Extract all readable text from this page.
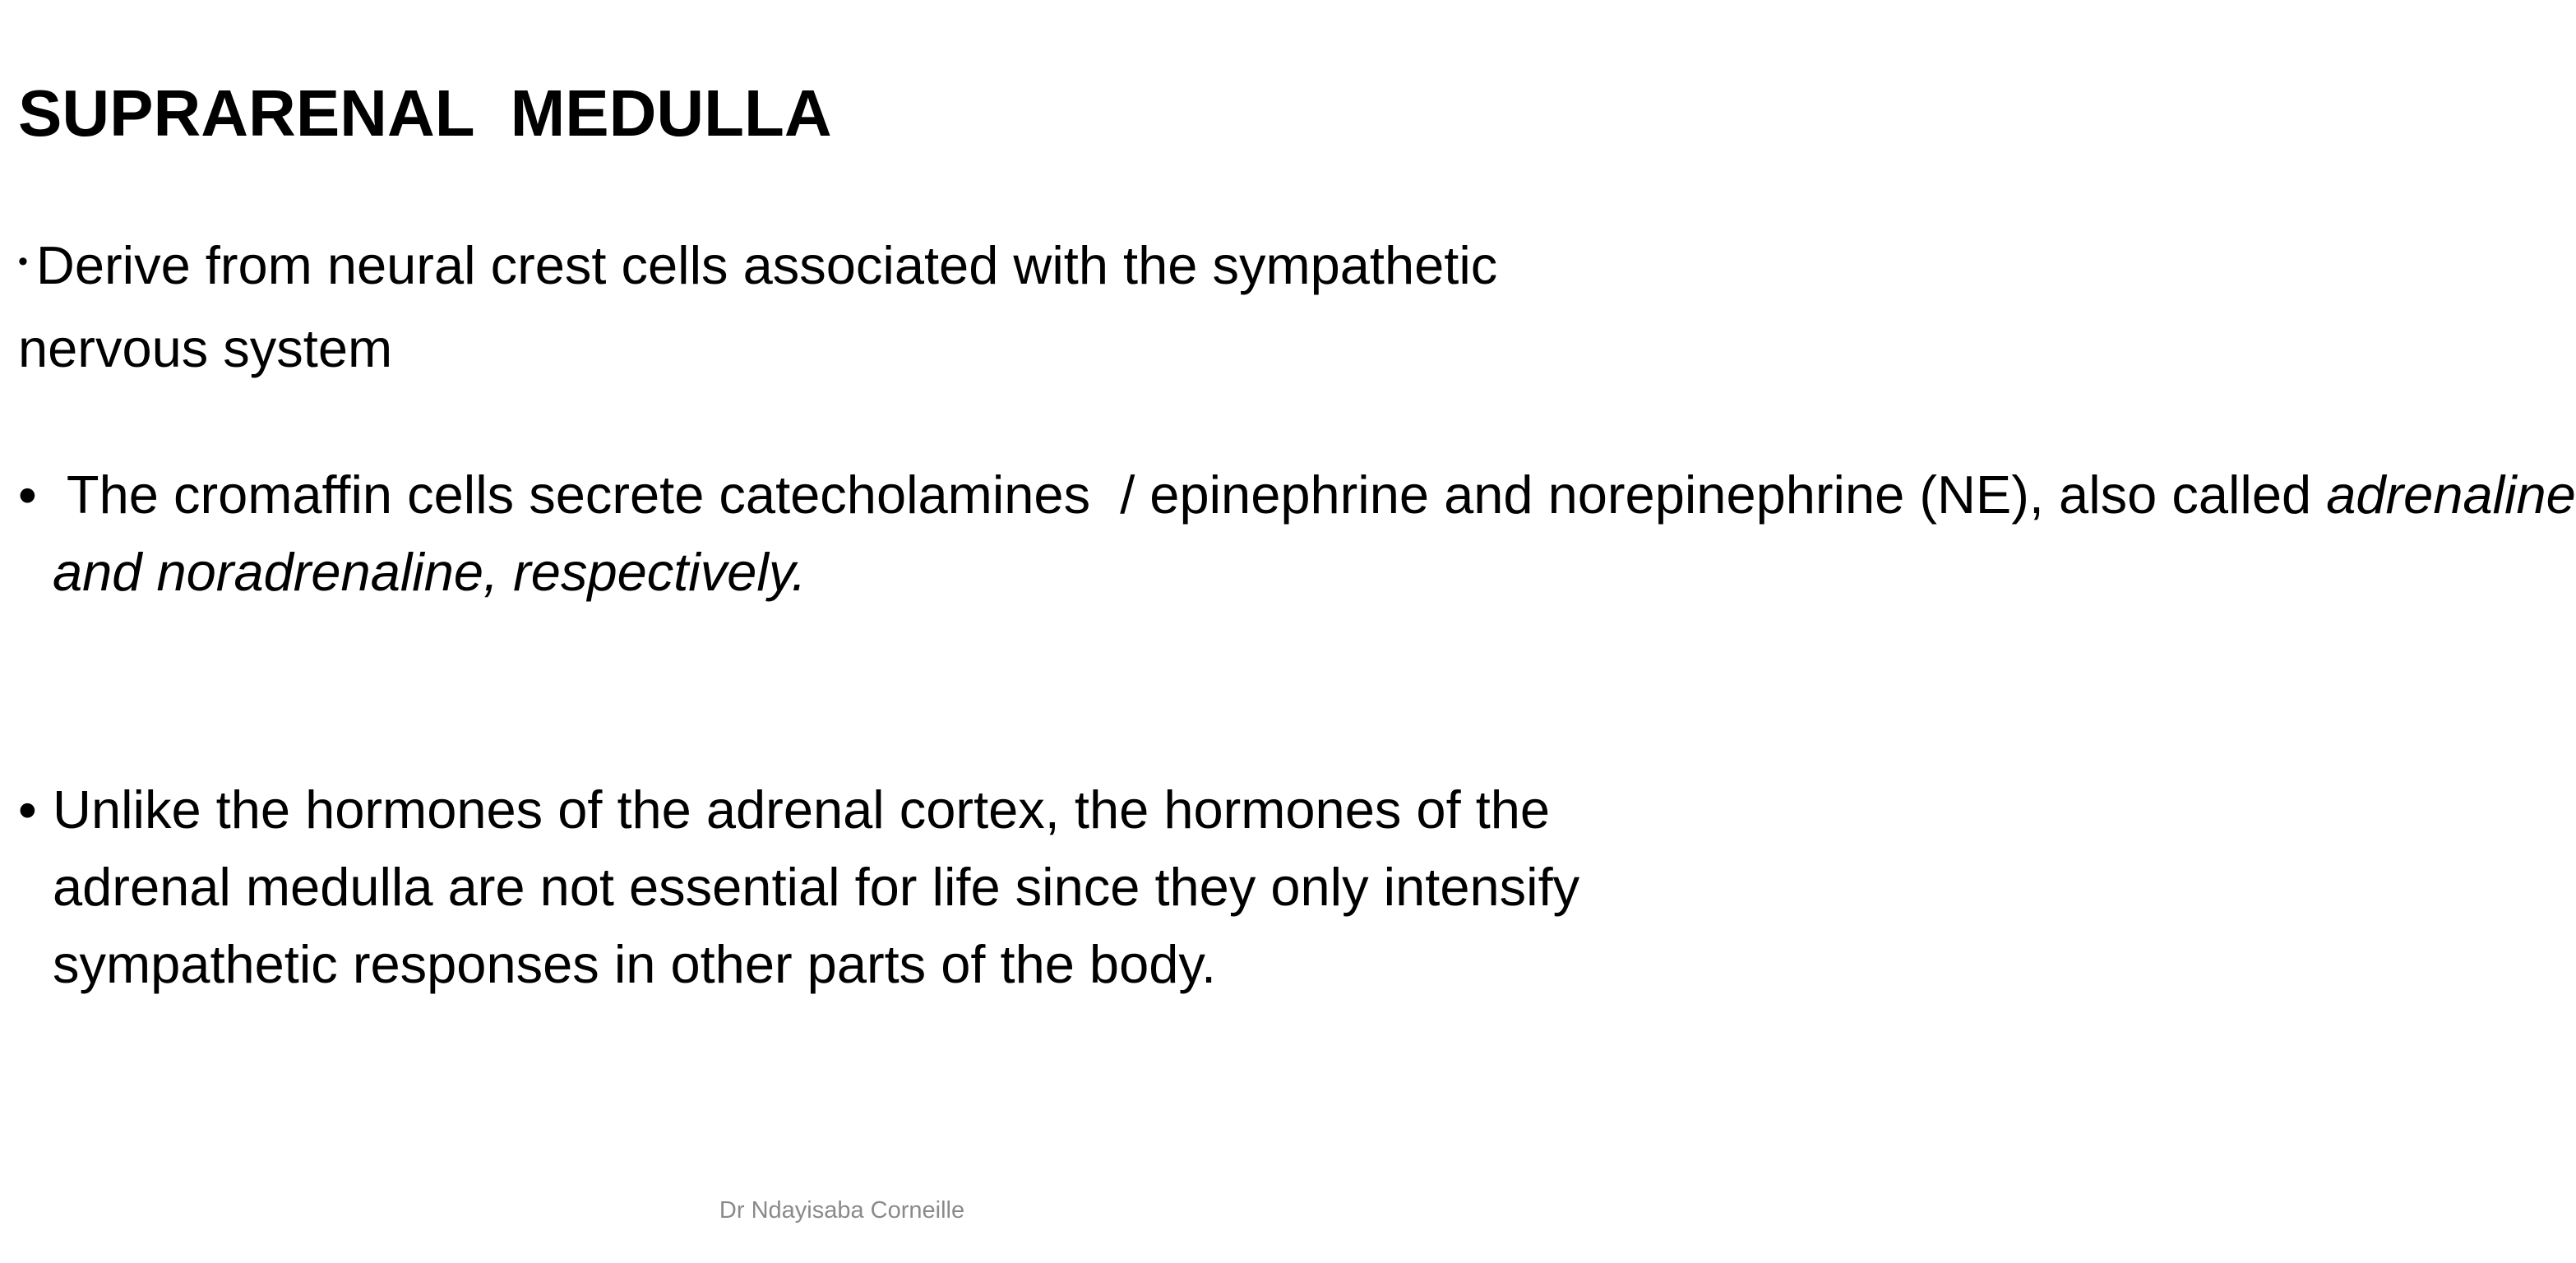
SUPRARENAL  MEDULLA
• Derive from neural crest cells associated with the sympathetic nervous system
• The cromaffin cells secrete catecholamines  / epinephrine and norepinephrine (NE), also called adrenaline and noradrenaline, respectively.
• Unlike the hormones of the adrenal cortex, the hormones of the adrenal medulla are not essential for life since they only intensify sympathetic responses in other parts of the body.
Dr Ndayisaba Corneille
